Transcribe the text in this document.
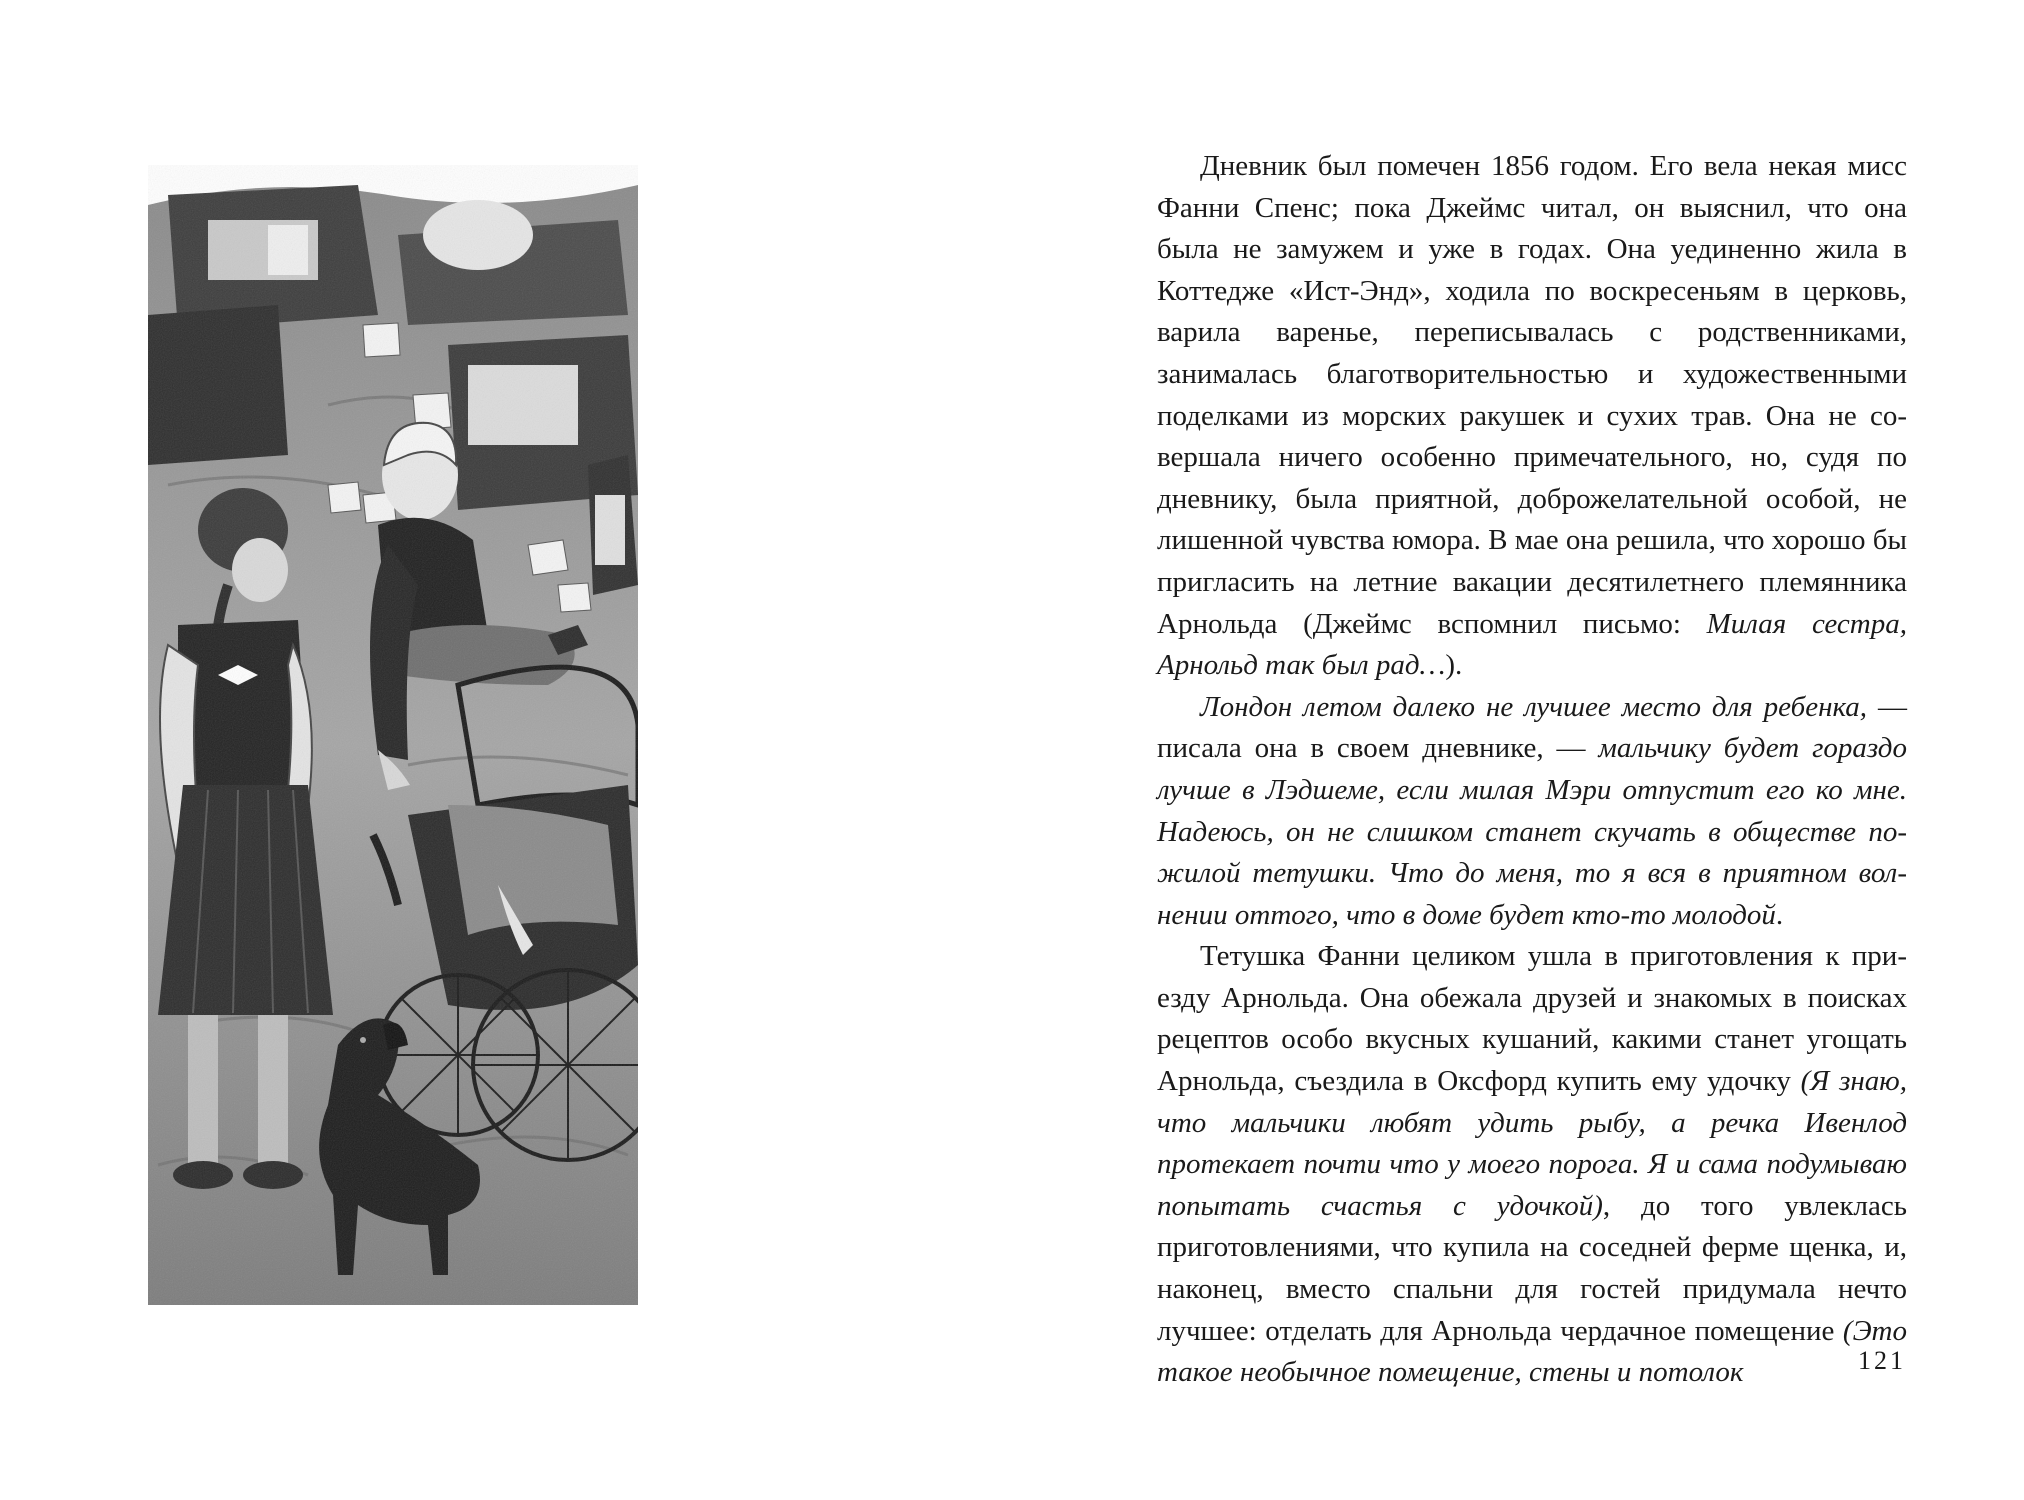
Дневник был помечен 1856 годом. Его вела некая мисс Фанни Спенс; пока Джеймс читал, он выяснил, что она была не замужем и уже в годах. Она уединенно жила в Коттедже «Ист-Энд», ходила по воскресеньям в церковь, варила варенье, переписывалась с родственниками, занималась благотворительностью и художественными поделками из морских ракушек и сухих трав. Она не совершала ничего особенно примечательного, но, судя по дневнику, была приятной, доброжелательной особой, не лишенной чувства юмора. В мае она решила, что хорошо бы пригласить на летние вакации десятилетнего племянника Арнольда (Джеймс вспомнил письмо: Милая сестра, Арнольд так был рад…).

Лондон летом далеко не лучшее место для ребенка, — писала она в своем дневнике, — мальчику будет гораздо лучше в Лэдшеме, если милая Мэри отпустит его ко мне. Надеюсь, он не слишком станет скучать в обществе пожилой тетушки. Что до меня, то я вся в приятном волнении оттого, что в доме будет кто-то молодой.

Тетушка Фанни целиком ушла в приготовления к приезду Арнольда. Она обежала друзей и знакомых в поисках рецептов особо вкусных кушаний, какими станет угощать Арнольда, съездила в Оксфорд купить ему удочку (Я знаю, что мальчики любят удить рыбу, а речка Ивенлод протекает почти что у моего порога. Я и сама подумываю попытать счастья с удочкой), до того увлеклась приготовлениями, что купила на соседней ферме щенка, и, наконец, вместо спальни для гостей придумала нечто лучшее: отделать для Арнольда чердачное помещение (Это такое необычное помещение, стены и потолок	121
